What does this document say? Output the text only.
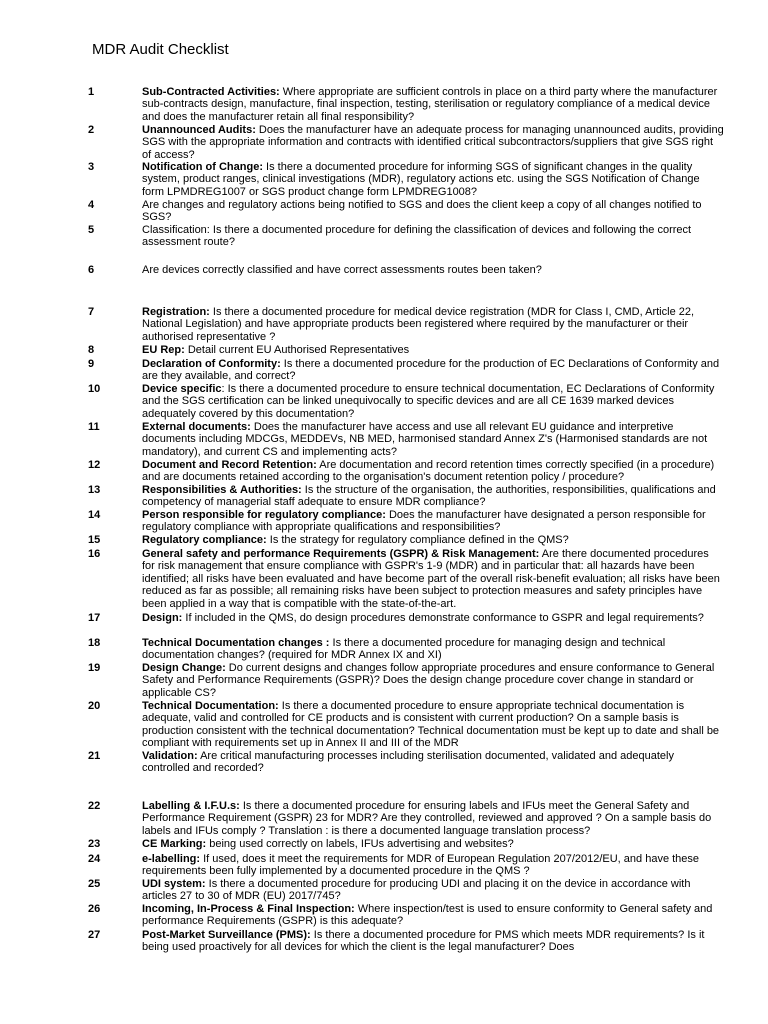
MDR Audit Checklist
1	Sub-Contracted Activities: Where appropriate are sufficient controls in place on a third party where the manufacturer sub-contracts design, manufacture, final inspection, testing, sterilisation or regulatory compliance of a medical device and does the manufacturer retain all final responsibility?
2	Unannounced Audits: Does the manufacturer have an adequate process for managing unannounced audits, providing SGS with the appropriate information and contracts with identified critical subcontractors/suppliers that give SGS right of access?
3	Notification of Change: Is there a documented procedure for informing SGS of significant changes in the quality system, product ranges, clinical investigations (MDR), regulatory actions etc. using the SGS Notification of Change form LPMDREG1007 or SGS product change form LPMDREG1008?
4	Are changes and regulatory actions being notified to SGS and does the client keep a copy of all changes notified to SGS?
5	Classification: Is there a documented procedure for defining the classification of devices and following the correct assessment route?
6	Are devices correctly classified and have correct assessments routes been taken?
7	Registration: Is there a documented procedure for medical device registration (MDR for Class I, CMD, Article 22, National Legislation) and have appropriate products been registered where required by the manufacturer or their authorised representative ?
8	EU Rep: Detail current EU Authorised Representatives
9	Declaration of Conformity: Is there a documented procedure for the production of EC Declarations of Conformity and are they available, and correct?
10	Device specific: Is there a documented procedure to ensure technical documentation, EC Declarations of Conformity and the SGS certification can be linked unequivocally to specific devices and are all CE 1639 marked devices adequately covered by this documentation?
11	External documents: Does the manufacturer have access and use all relevant EU guidance and interpretive documents including MDCGs, MEDDEVs, NB MED, harmonised standard Annex Z's (Harmonised standards are not mandatory), and current CS and implementing acts?
12	Document and Record Retention: Are documentation and record retention times correctly specified (in a procedure) and are documents retained according to the organisation's document retention policy / procedure?
13	Responsibilities & Authorities: Is the structure of the organisation, the authorities, responsibilities, qualifications and competency of managerial staff adequate to ensure MDR compliance?
14	Person responsible for regulatory compliance: Does the manufacturer have designated a person responsible for regulatory compliance with appropriate qualifications and responsibilities?
15	Regulatory compliance: Is the strategy for regulatory compliance defined in the QMS?
16	General safety and performance Requirements (GSPR) & Risk Management: Are there documented procedures for risk management that ensure compliance with GSPR's 1-9 (MDR) and in particular that: all hazards have been identified; all risks have been evaluated and have become part of the overall risk-benefit evaluation; all risks have been reduced as far as possible; all remaining risks have been subject to protection measures and safety principles have been applied in a way that is compatible with the state-of-the-art.
17	Design: If included in the QMS, do design procedures demonstrate conformance to GSPR and legal requirements?
18	Technical Documentation changes : Is there a documented procedure for managing design and technical documentation changes? (required for MDR Annex IX and XI)
19	Design Change: Do current designs and changes follow appropriate procedures and ensure conformance to General Safety and Performance Requirements (GSPR)? Does the design change procedure cover change in standard or applicable CS?
20	Technical Documentation: Is there a documented procedure to ensure appropriate technical documentation is adequate, valid and controlled for CE products and is consistent with current production? On a sample basis is production consistent with the technical documentation? Technical documentation must be kept up to date and shall be compliant with requirements set up in Annex II and III of the MDR
21	Validation: Are critical manufacturing processes including sterilisation documented, validated and adequately controlled and recorded?
22	Labelling & I.F.U.s: Is there a documented procedure for ensuring labels and IFUs meet the General Safety and Performance Requirement (GSPR) 23 for MDR? Are they controlled, reviewed and approved ? On a sample basis do labels and IFUs comply ? Translation : is there a documented language translation process?
23	CE Marking: being used correctly on labels, IFUs advertising and websites?
24	e-labelling: If used, does it meet the requirements for MDR of European Regulation 207/2012/EU, and have these requirements been fully implemented by a documented procedure in the QMS ?
25	UDI system: Is there a documented procedure for producing UDI and placing it on the device in accordance with articles 27 to 30 of MDR (EU) 2017/745?
26	Incoming, In-Process & Final Inspection: Where inspection/test is used to ensure conformity to General safety and performance Requirements (GSPR) is this adequate?
27	Post-Market Surveillance (PMS): Is there a documented procedure for PMS which meets MDR requirements? Is it being used proactively for all devices for which the client is the legal manufacturer? Does
